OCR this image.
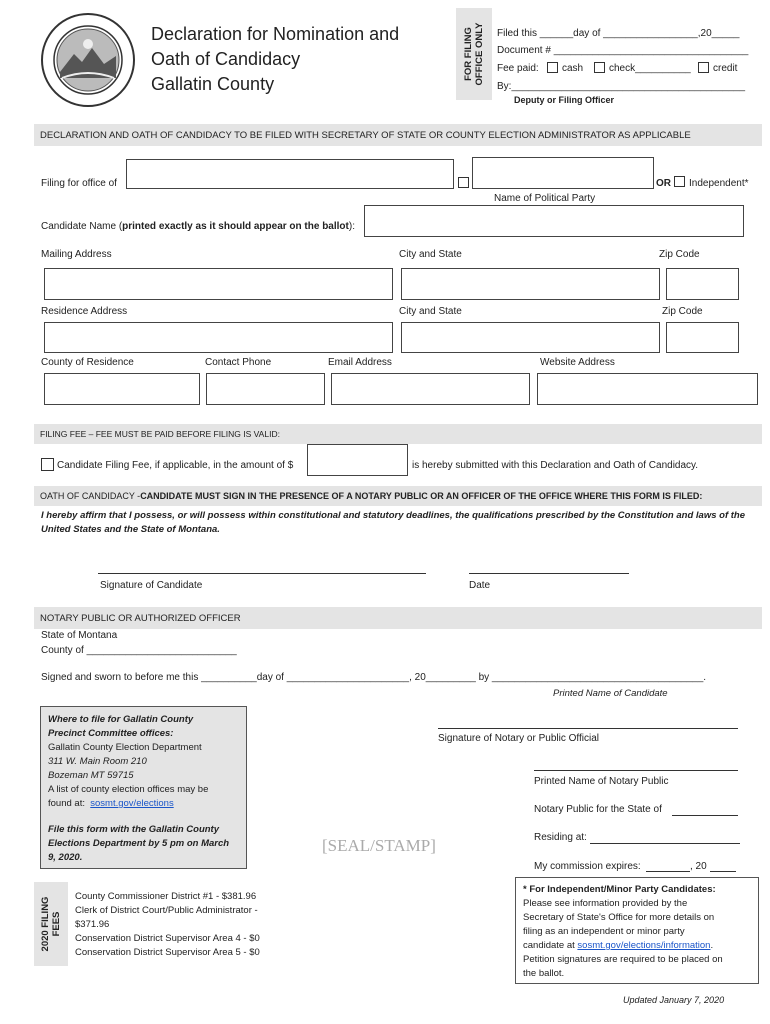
Declaration for Nomination and
Oath of Candidacy
Gallatin County
FOR FILING OFFICE ONLY Filed this ______day of _________________,20_____
Document # ___________________________________
Fee paid: cash	check__________ credit
By:__________________________________________
Deputy or Filing Officer
DECLARATION AND OATH OF CANDIDACY TO BE FILED WITH SECRETARY OF STATE OR COUNTY ELECTION ADMINISTRATOR AS APPLICABLE
Filing for office of	OR Independent*
Name of Political Party
Candidate Name (printed exactly as it should appear on the ballot):
Mailing Address	City and State	Zip Code
Residence Address	City and State	Zip Code
County of Residence	Contact Phone	Email Address	Website Address
FILING FEE – FEE MUST BE PAID BEFORE FILING IS VALID:
Candidate Filing Fee, if applicable, in the amount of $	is hereby submitted with this Declaration and Oath of Candidacy.
OATH OF CANDIDACY - CANDIDATE MUST SIGN IN THE PRESENCE OF A NOTARY PUBLIC OR AN OFFICER OF THE OFFICE WHERE THIS FORM IS FILED:
I hereby affirm that I possess, or will possess within constitutional and statutory deadlines, the qualifications prescribed by the Constitution and laws of the United States and the State of Montana.
Signature of Candidate	Date
NOTARY PUBLIC OR AUTHORIZED OFFICER
State of Montana
County of ___________________________
Signed and sworn to before me this __________day of ______________________, 20_________ by ______________________________________.
Printed Name of Candidate
Where to file for Gallatin County
Precinct Committee offices:
Gallatin County Election Department
311 W. Main Room 210
Bozeman MT 59715
A list of county election offices may be
found at:  sosmt.gov/elections
File this form with the Gallatin County
Elections Department by 5 pm on March
9, 2020.
[SEAL/STAMP]
Signature of Notary or Public Official
Printed Name of Notary Public
Notary Public for the State of
Residing at:
My commission expires:	, 20
2020 FILING FEES
County Commissioner District #1 - $381.96
Clerk of District Court/Public Administrator -
$371.96
Conservation District Supervisor Area 4 - $0
Conservation District Supervisor Area 5 - $0
* For Independent/Minor Party Candidates:
Please see information provided by the
Secretary of State's Office for more details on
filing as an independent or minor party
candidate at sosmt.gov/elections/information.
Petition signatures are required to be placed on
the ballot.
Updated January 7, 2020
